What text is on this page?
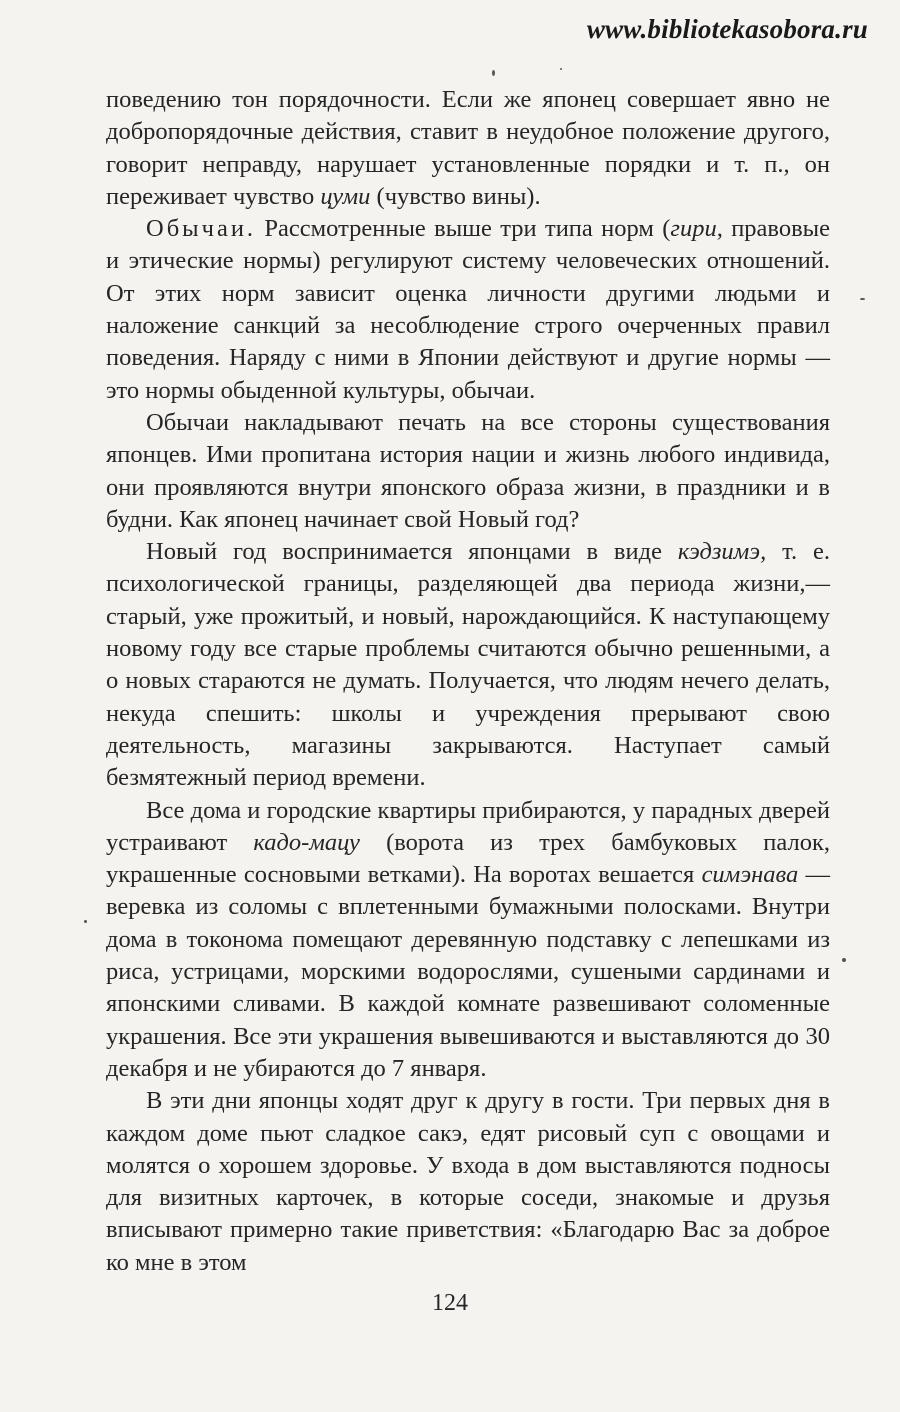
www.bibliotekasobora.ru

поведению тон порядочности. Если же японец совершает явно не добропорядочные действия, ставит в неудобное положение другого, говорит неправду, нарушает установленные порядки и т. п., он переживает чувство цуми (чувство вины).

Обычаи. Рассмотренные выше три типа норм (гири, правовые и этические нормы) регулируют систему человеческих отношений. От этих норм зависит оценка личности другими людьми и наложение санкций за несоблюдение строго очерченных правил поведения. Наряду с ними в Японии действуют и другие нормы — это нормы обыденной культуры, обычаи.

Обычаи накладывают печать на все стороны существования японцев. Ими пропитана история нации и жизнь любого индивида, они проявляются внутри японского образа жизни, в праздники и в будни. Как японец начинает свой Новый год?

Новый год воспринимается японцами в виде кэдзимэ, т. е. психологической границы, разделяющей два периода жизни,— старый, уже прожитый, и новый, нарождающийся. К наступающему новому году все старые проблемы считаются обычно решенными, а о новых стараются не думать. Получается, что людям нечего делать, некуда спешить: школы и учреждения прерывают свою деятельность, магазины закрываются. Наступает самый безмятежный период времени.

Все дома и городские квартиры прибираются, у парадных дверей устраивают кадо-мацу (ворота из трех бамбуковых палок, украшенные сосновыми ветками). На воротах вешается симэнава — веревка из соломы с вплетенными бумажными полосками. Внутри дома в токонома помещают деревянную подставку с лепешками из риса, устрицами, морскими водорослями, сушеными сардинами и японскими сливами. В каждой комнате развешивают соломенные украшения. Все эти украшения вывешиваются и выставляются до 30 декабря и не убираются до 7 января.

В эти дни японцы ходят друг к другу в гости. Три первых дня в каждом доме пьют сладкое сакэ, едят рисовый суп с овощами и молятся о хорошем здоровье. У входа в дом выставляются подносы для визитных карточек, в которые соседи, знакомые и друзья вписывают примерно такие приветствия: «Благодарю Вас за доброе ко мне в этом

124
